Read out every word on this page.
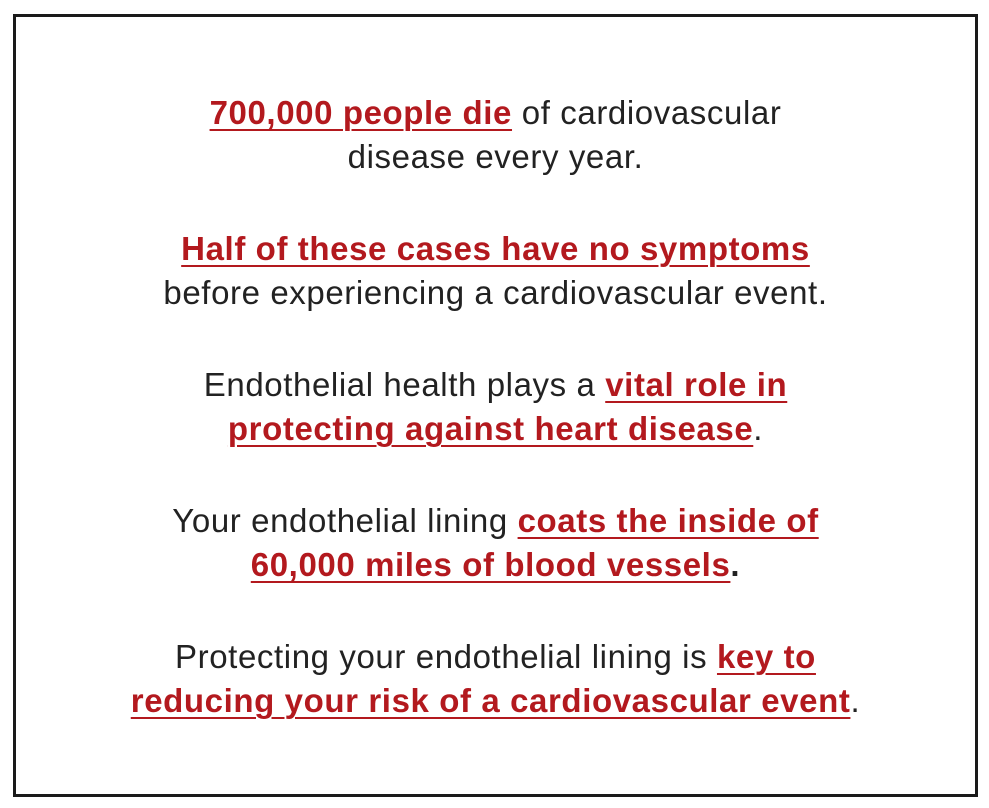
700,000 people die of cardiovascular
disease every year.

Half of these cases have no symptoms
before experiencing a cardiovascular event.

Endothelial health plays a vital role in
protecting against heart disease.

Your endothelial lining coats the inside of
60,000 miles of blood vessels.

Protecting your endothelial lining is key to
reducing your risk of a cardiovascular event.
